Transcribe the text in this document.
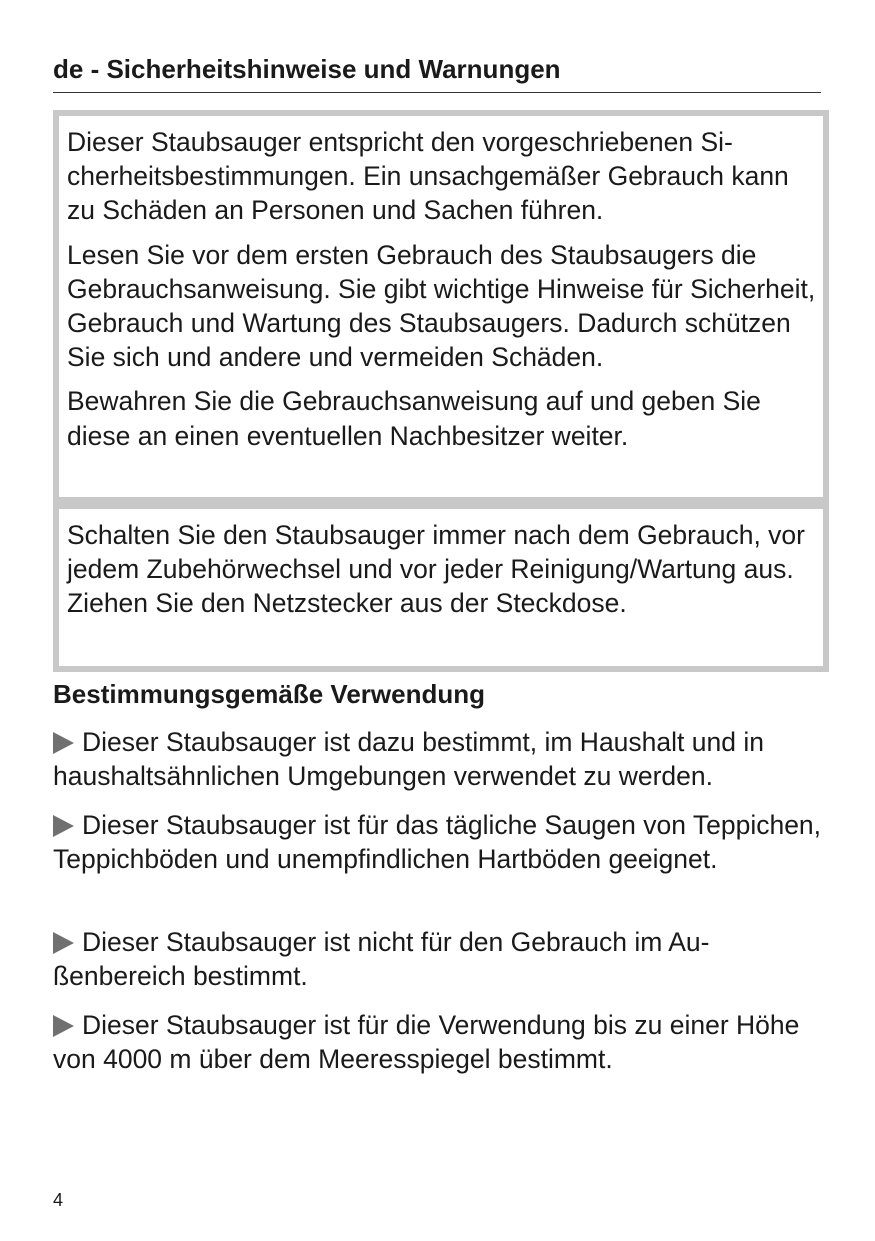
de - Sicherheitshinweise und Warnungen

Dieser Staubsauger entspricht den vorgeschriebenen Sicherheitsbestimmungen. Ein unsachgemäßer Gebrauch kann zu Schäden an Personen und Sachen führen.

Lesen Sie vor dem ersten Gebrauch des Staubsaugers die Gebrauchsanweisung. Sie gibt wichtige Hinweise für Sicherheit, Gebrauch und Wartung des Staubsaugers. Dadurch schützen Sie sich und andere und vermeiden Schäden.

Bewahren Sie die Gebrauchsanweisung auf und geben Sie diese an einen eventuellen Nachbesitzer weiter.

Schalten Sie den Staubsauger immer nach dem Gebrauch, vor jedem Zubehörwechsel und vor jeder Reinigung/Wartung aus. Ziehen Sie den Netzstecker aus der Steckdose.

Bestimmungsgemäße Verwendung

Dieser Staubsauger ist dazu bestimmt, im Haushalt und in haushaltsähnlichen Umgebungen verwendet zu werden.

Dieser Staubsauger ist für das tägliche Saugen von Teppichen, Teppichböden und unempfindlichen Hartböden geeignet.

Dieser Staubsauger ist nicht für den Gebrauch im Außenbereich bestimmt.

Dieser Staubsauger ist für die Verwendung bis zu einer Höhe von 4000 m über dem Meeresspiegel bestimmt.

4
